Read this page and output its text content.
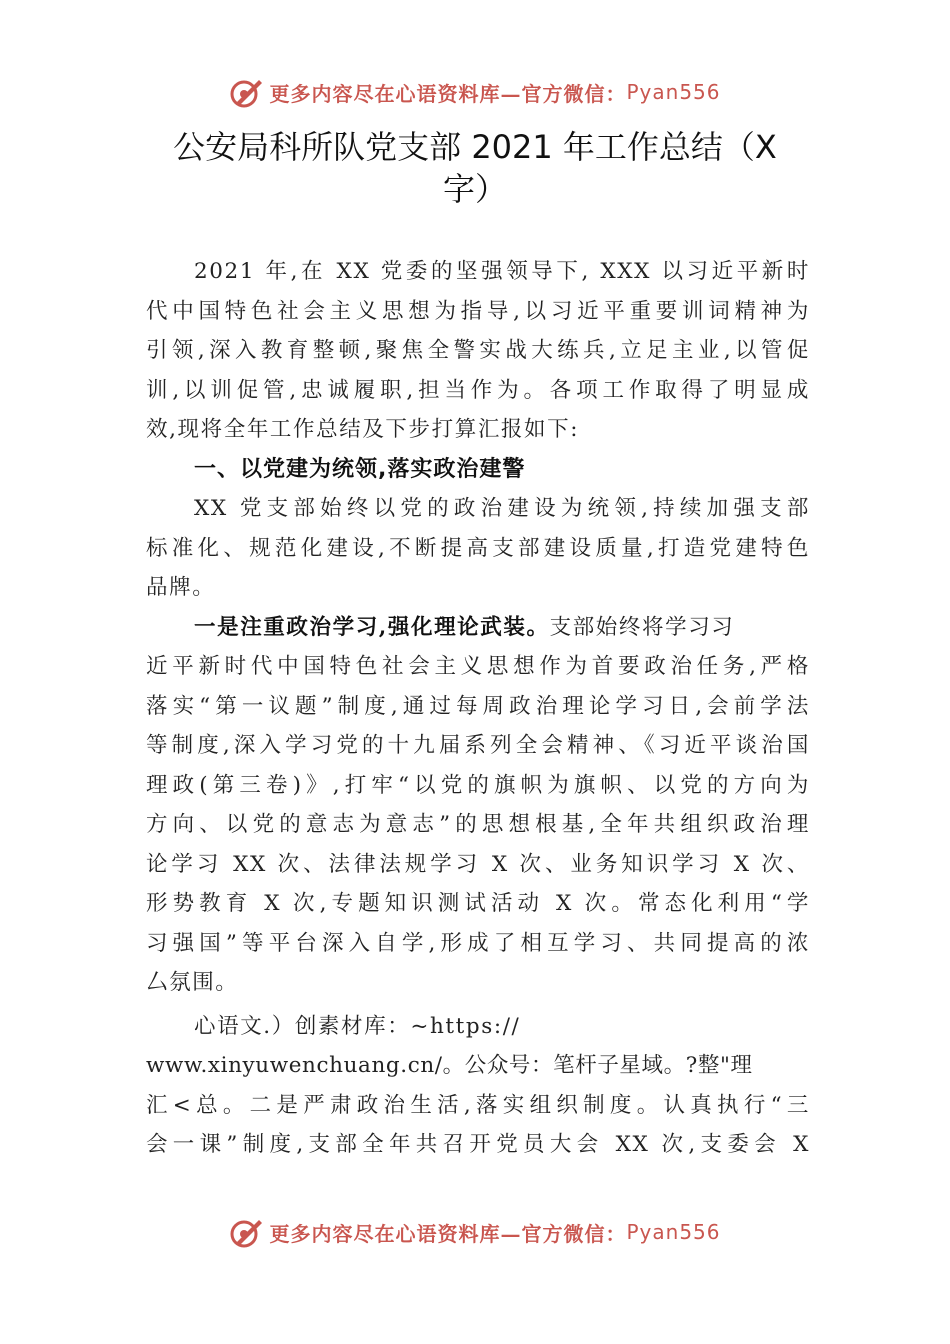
更多内容尽在心语资料库—官方微信： Pyan556
公安局科所队党支部 2021 年工作总结（X
字）
2021 年,在 XX 党委的坚强领导下, XXX 以习近平新时
代中国特色社会主义思想为指导,以习近平重要训词精神为
引领,深入教育整顿,聚焦全警实战大练兵,立足主业,以管促
训,以训促管,忠诚履职,担当作为。各项工作取得了明显成
效,现将全年工作总结及下步打算汇报如下:
一、以党建为统领,落实政治建警
XX 党支部始终以党的政治建设为统领,持续加强支部
标准化、规范化建设,不断提高支部建设质量,打造党建特色
品牌。
一是注重政治学习,强化理论武装。支部始终将学习习
近平新时代中国特色社会主义思想作为首要政治任务,严格
落实“第一议题”制度,通过每周政治理论学习日,会前学法
等制度,深入学习党的十九届系列全会精神、《习近平谈治国
理政(第三卷)》,打牢“以党的旗帜为旗帜、以党的方向为
方向、以党的意志为意志”的思想根基,全年共组织政治理
论学习 XX 次、法律法规学习 X 次、业务知识学习 X 次、
形势教育 X 次,专题知识测试活动 X 次。常态化利用“学
习强国”等平台深入自学,形成了相互学习、共同提高的浓
厶氛围。
心语文.）创素材库：~https://
www.xinyuwenchuang.cn/。公众号：笔杆子星域。?整"理
汇<总。二是严肃政治生活,落实组织制度。认真执行“三
会一课”制度,支部全年共召开党员大会 XX 次,支委会 X
更多内容尽在心语资料库—官方微信： Pyan556
